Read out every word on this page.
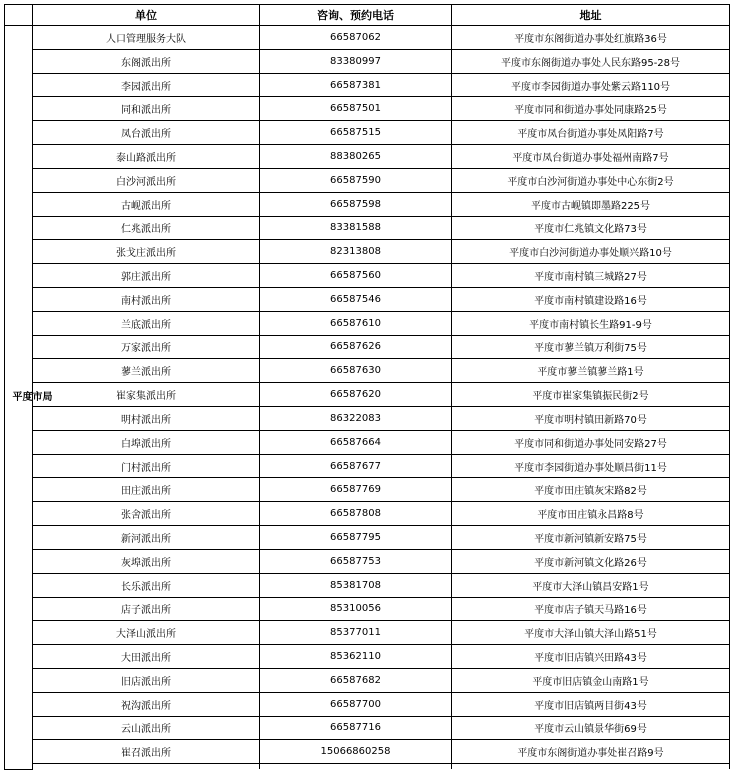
	单位	咨询、预约电话	地址

平度市局	人口管理服务大队	66587062	平度市东阁街道办事处红旗路36号
	东阁派出所	83380997	平度市东阁街道办事处人民东路95-28号
	李园派出所	66587381	平度市李园街道办事处紫云路110号
	同和派出所	66587501	平度市同和街道办事处同康路25号
	凤台派出所	66587515	平度市凤台街道办事处凤阳路7号
	泰山路派出所	88380265	平度市凤台街道办事处福州南路7号
	白沙河派出所	66587590	平度市白沙河街道办事处中心东街2号
	古岘派出所	66587598	平度市古岘镇即墨路225号
	仁兆派出所	83381588	平度市仁兆镇文化路73号
	张戈庄派出所	82313808	平度市白沙河街道办事处顺兴路10号
	郭庄派出所	66587560	平度市南村镇三城路27号
	南村派出所	66587546	平度市南村镇建设路16号
	兰底派出所	66587610	平度市南村镇长生路91-9号
	万家派出所	66587626	平度市蓼兰镇万利街75号
	蓼兰派出所	66587630	平度市蓼兰镇蓼兰路1号
	崔家集派出所	66587620	平度市崔家集镇振民街2号
	明村派出所	86322083	平度市明村镇田新路70号
	白埠派出所	66587664	平度市同和街道办事处同安路27号
	门村派出所	66587677	平度市李园街道办事处顺昌街11号
	田庄派出所	66587769	平度市田庄镇灰宋路82号
	张舍派出所	66587808	平度市田庄镇永昌路8号
	新河派出所	66587795	平度市新河镇新安路75号
	灰埠派出所	66587753	平度市新河镇文化路26号
	长乐派出所	85381708	平度市大泽山镇昌安路1号
	店子派出所	85310056	平度市店子镇天马路16号
	大泽山派出所	85377011	平度市大泽山镇大泽山路51号
	大田派出所	85362110	平度市旧店镇兴田路43号
	旧店派出所	66587682	平度市旧店镇金山南路1号
	祝沟派出所	66587700	平度市旧店镇两目街43号
	云山派出所	66587716	平度市云山镇景华街69号
	崔召派出所	15066860258	平度市东阁街道办事处崔召路9号
